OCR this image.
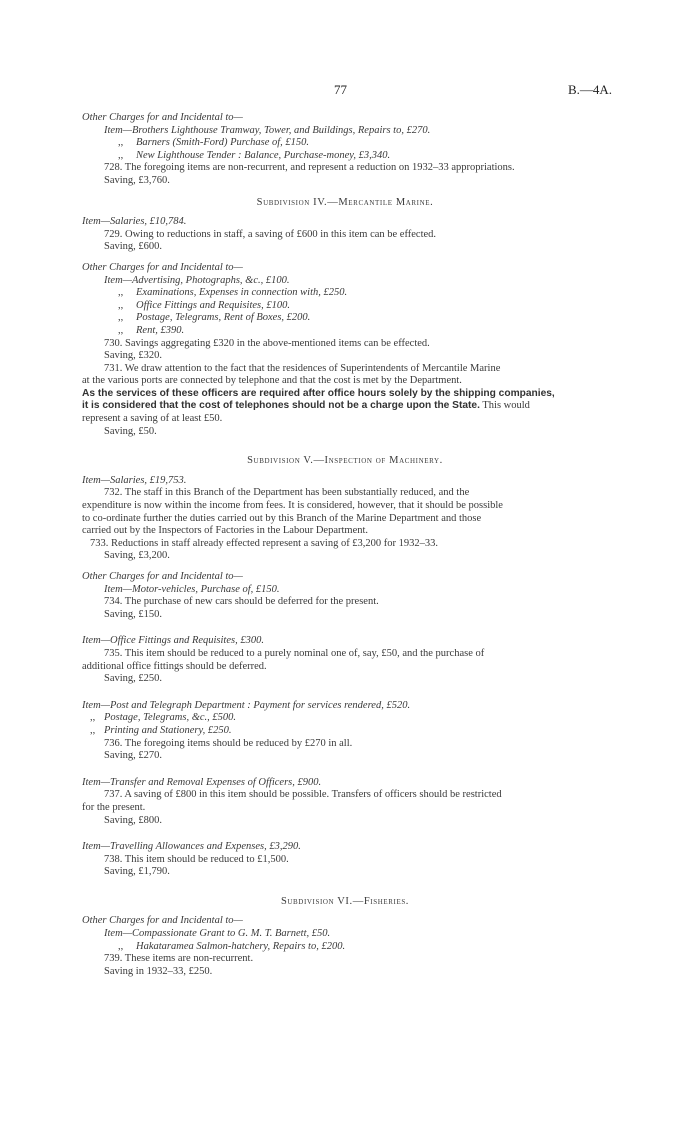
77	B.—4A.
Other Charges for and Incidental to—
Item—Brothers Lighthouse Tramway, Tower, and Buildings, Repairs to, £270.
,, Barners (Smith-Ford) Purchase of, £150.
,, New Lighthouse Tender : Balance, Purchase-money, £3,340.
728. The foregoing items are non-recurrent, and represent a reduction on 1932–33 appropriations.
Saving, £3,760.
Subdivision IV.—Mercantile Marine.
Item—Salaries, £10,784.
729. Owing to reductions in staff, a saving of £600 in this item can be effected.
Saving, £600.
Other Charges for and Incidental to—
Item—Advertising, Photographs, &c., £100.
,, Examinations, Expenses in connection with, £250.
,, Office Fittings and Requisites, £100.
,, Postage, Telegrams, Rent of Boxes, £200.
,, Rent, £390.
730. Savings aggregating £320 in the above-mentioned items can be effected.
Saving, £320.
731. We draw attention to the fact that the residences of Superintendents of Mercantile Marine
at the various ports are connected by telephone and that the cost is met by the Department.
As the services of these officers are required after office hours solely by the shipping companies,
it is considered that the cost of telephones should not be a charge upon the State. This would
represent a saving of at least £50.
Saving, £50.
Subdivision V.—Inspection of Machinery.
Item—Salaries, £19,753.
732. The staff in this Branch of the Department has been substantially reduced, and the
expenditure is now within the income from fees. It is considered, however, that it should be possible
to co-ordinate further the duties carried out by this Branch of the Marine Department and those
carried out by the Inspectors of Factories in the Labour Department.
733. Reductions in staff already effected represent a saving of £3,200 for 1932–33.
Saving, £3,200.
Other Charges for and Incidental to—
Item—Motor-vehicles, Purchase of, £150.
734. The purchase of new cars should be deferred for the present.
Saving, £150.
Item—Office Fittings and Requisites, £300.
735. This item should be reduced to a purely nominal one of, say, £50, and the purchase of
additional office fittings should be deferred.
Saving, £250.
Item—Post and Telegraph Department : Payment for services rendered, £520.
,, Postage, Telegrams, &c., £500.
,, Printing and Stationery, £250.
736. The foregoing items should be reduced by £270 in all.
Saving, £270.
Item—Transfer and Removal Expenses of Officers, £900.
737. A saving of £800 in this item should be possible. Transfers of officers should be restricted
for the present.
Saving, £800.
Item—Travelling Allowances and Expenses, £3,290.
738. This item should be reduced to £1,500.
Saving, £1,790.
Subdivision VI.—Fisheries.
Other Charges for and Incidental to—
Item—Compassionate Grant to G. M. T. Barnett, £50.
,, Hakataramea Salmon-hatchery, Repairs to, £200.
739. These items are non-recurrent.
Saving in 1932–33, £250.
